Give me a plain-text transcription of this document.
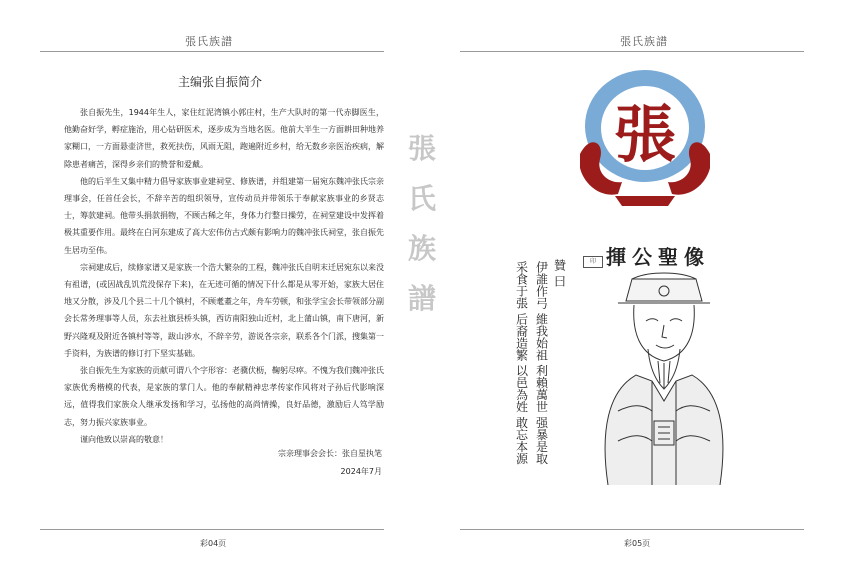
張氏族譜
主编张自振简介

张自振先生，1944年生人，家住红泥湾镇小郭庄村，生产大队时的第一代赤脚医生，他勤奋好学，孵症施治，用心钻研医术，逐步成为当地名医。他前大半生一方面耕田种地养家糊口，一方面悬壶济世，救死扶伤，风雨无阻，跑遍附近乡村，给无数乡亲医治疾病，解除患者痛苦，深得乡亲们的赞誉和爱戴。

他的后半生又集中精力倡导家族事业建祠堂、修族谱，并组建第一届宛东魏冲张氏宗亲理事会，任首任会长，不辞辛苦的组织领导，宣传动员并带领乐于奉献家族事业的乡贤志士，筹款建祠。他带头捐款捐物，不顾古稀之年，身体力行整日操劳，在祠堂建设中发挥着极其重要作用。最终在白河东建成了高大宏伟仿古式颇有影响力的魏冲张氏祠堂，张自振先生居功至伟。

宗祠建成后，续修家谱又是家族一个浩大繁杂的工程，魏冲张氏自明末迁居宛东以来没有祖谱，(或因战乱饥荒没保存下来)，在无迹可循的情况下什么都是从零开始，家族大居住地又分散，涉及几个县二十几个镇村，不顾耄耋之年，舟车劳顿，和张学宝会长带领部分副会长常务理事等人员，东去社旗县桥头镇，西访南阳独山近村，北上蒲山镇，南下唐河，新野兴隆观及附近各镇村等等，跋山涉水，不辞辛劳，游说各宗亲，联系各个门派，搜集第一手资料，为族谱的修订打下坚实基础。

张自振先生为家族的贡献可谓八个字形容：老骥伏枥，鞠躬尽瘁。不愧为我们魏冲张氏家族优秀楷模的代表，是家族的掌门人。他的奉献精神忠孝传家作风将对子孙后代影响深远，值得我们家族众人继承发扬和学习，弘扬他的高尚情操，良好品德，激励后人笃学励志，努力振兴家族事业。

谨向他致以崇高的敬意！

宗亲理事会会长：张自星执笔
2024年7月
彩04页
張
氏
族
譜
張氏族譜
張
揮公聖像
印
贊 曰
伊誰作弓 維我始祖 利賴萬世 强暴是取
采食于張 后裔造繁 以邑為姓 敢忘本源
彩05页
